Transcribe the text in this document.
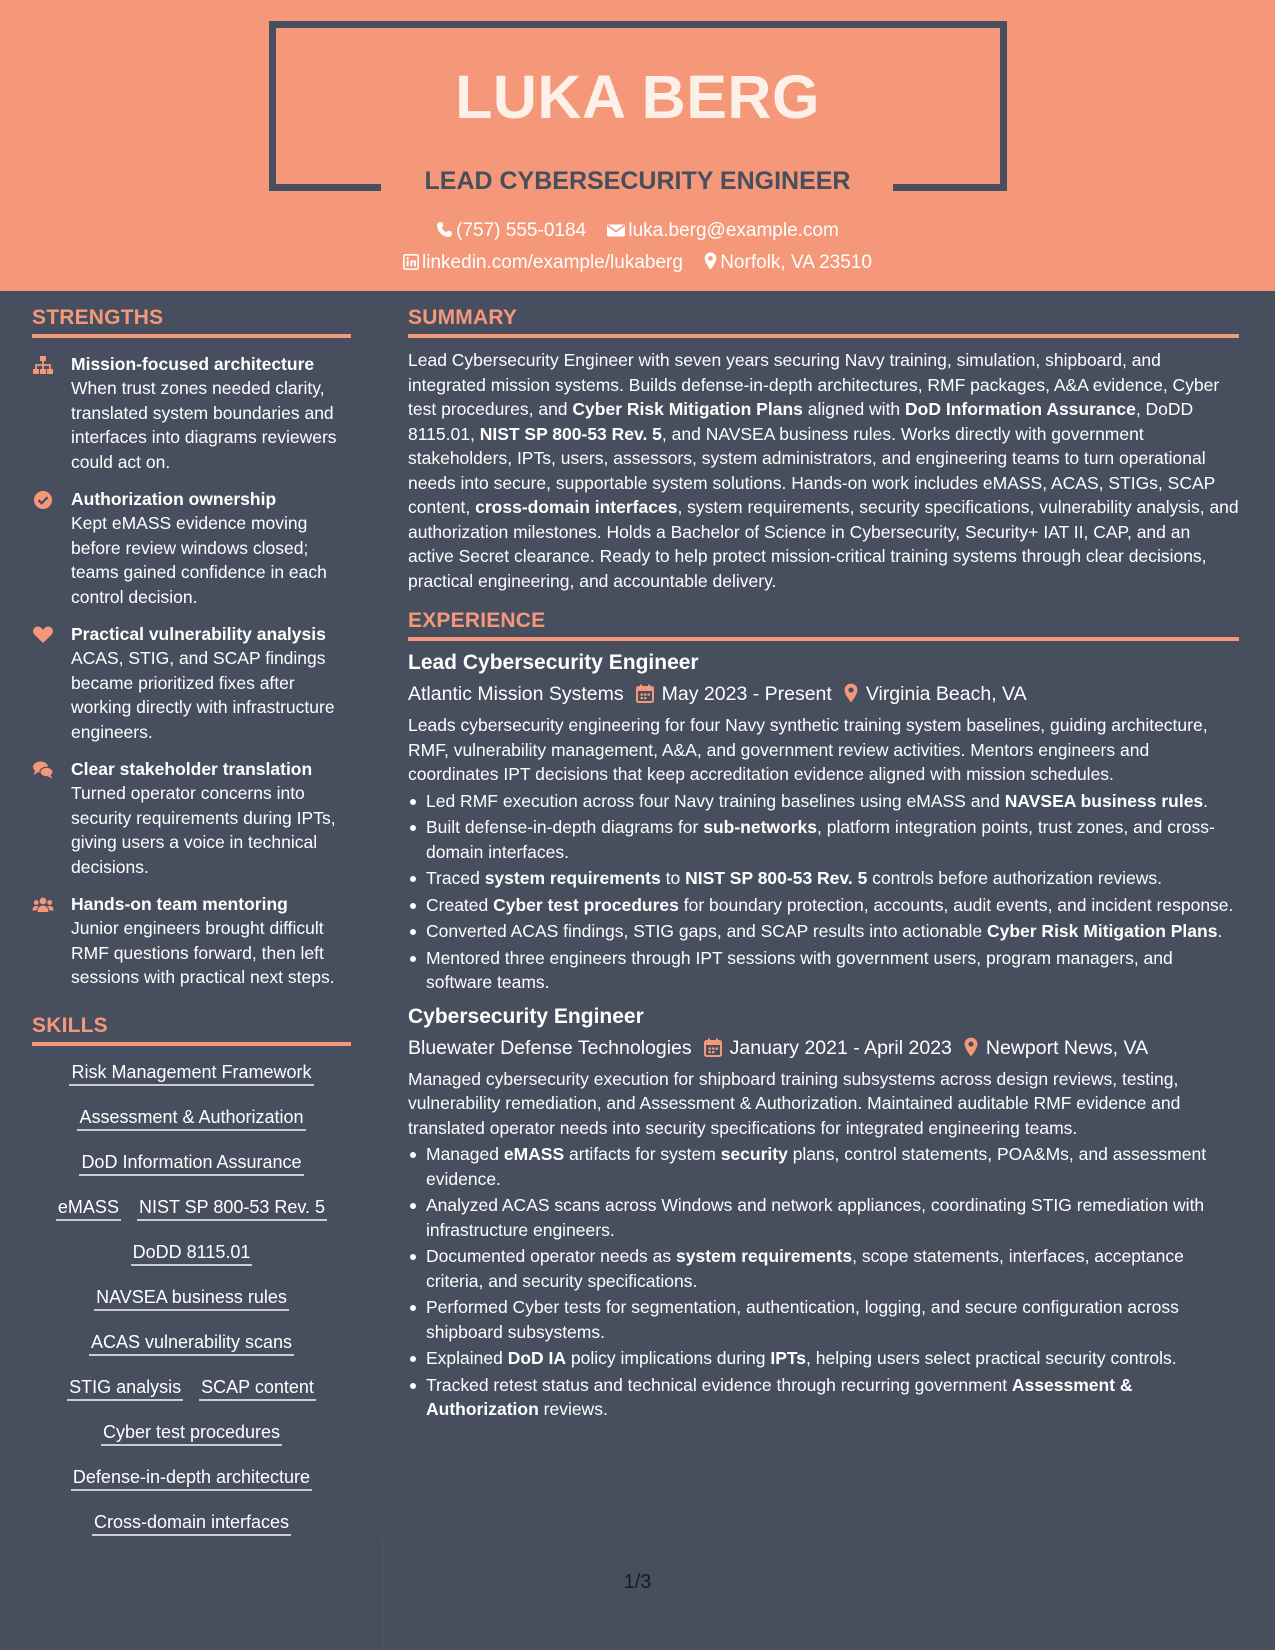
LUKA BERG
LEAD CYBERSECURITY ENGINEER
(757) 555-0184 luka.berg@example.com
linkedin.com/example/lukaberg Norfolk, VA 23510
STRENGTHS
Mission-focused architecture
When trust zones needed clarity, translated system boundaries and interfaces into diagrams reviewers could act on.
Authorization ownership
Kept eMASS evidence moving before review windows closed; teams gained confidence in each control decision.
Practical vulnerability analysis
ACAS, STIG, and SCAP findings became prioritized fixes after working directly with infrastructure engineers.
Clear stakeholder translation
Turned operator concerns into security requirements during IPTs, giving users a voice in technical decisions.
Hands-on team mentoring
Junior engineers brought difficult RMF questions forward, then left sessions with practical next steps.
SKILLS
Risk Management Framework
Assessment & Authorization
DoD Information Assurance
eMASS NIST SP 800-53 Rev. 5
DoDD 8115.01
NAVSEA business rules
ACAS vulnerability scans
STIG analysis SCAP content
Cyber test procedures
Defense-in-depth architecture
Cross-domain interfaces
SUMMARY
Lead Cybersecurity Engineer with seven years securing Navy training, simulation, shipboard, and integrated mission systems. Builds defense-in-depth architectures, RMF packages, A&A evidence, Cyber test procedures, and Cyber Risk Mitigation Plans aligned with DoD Information Assurance, DoDD 8115.01, NIST SP 800-53 Rev. 5, and NAVSEA business rules. Works directly with government stakeholders, IPTs, users, assessors, system administrators, and engineering teams to turn operational needs into secure, supportable system solutions. Hands-on work includes eMASS, ACAS, STIGs, SCAP content, cross-domain interfaces, system requirements, security specifications, vulnerability analysis, and authorization milestones. Holds a Bachelor of Science in Cybersecurity, Security+ IAT II, CAP, and an active Secret clearance. Ready to help protect mission-critical training systems through clear decisions, practical engineering, and accountable delivery.
EXPERIENCE
Lead Cybersecurity Engineer
Atlantic Mission Systems May 2023 - Present Virginia Beach, VA
Leads cybersecurity engineering for four Navy synthetic training system baselines, guiding architecture, RMF, vulnerability management, A&A, and government review activities. Mentors engineers and coordinates IPT decisions that keep accreditation evidence aligned with mission schedules.
Led RMF execution across four Navy training baselines using eMASS and NAVSEA business rules.
Built defense-in-depth diagrams for sub-networks, platform integration points, trust zones, and cross-domain interfaces.
Traced system requirements to NIST SP 800-53 Rev. 5 controls before authorization reviews.
Created Cyber test procedures for boundary protection, accounts, audit events, and incident response.
Converted ACAS findings, STIG gaps, and SCAP results into actionable Cyber Risk Mitigation Plans.
Mentored three engineers through IPT sessions with government users, program managers, and software teams.
Cybersecurity Engineer
Bluewater Defense Technologies January 2021 - April 2023 Newport News, VA
Managed cybersecurity execution for shipboard training subsystems across design reviews, testing, vulnerability remediation, and Assessment & Authorization. Maintained auditable RMF evidence and translated operator needs into security specifications for integrated engineering teams.
Managed eMASS artifacts for system security plans, control statements, POA&Ms, and assessment evidence.
Analyzed ACAS scans across Windows and network appliances, coordinating STIG remediation with infrastructure engineers.
Documented operator needs as system requirements, scope statements, interfaces, acceptance criteria, and security specifications.
Performed Cyber tests for segmentation, authentication, logging, and secure configuration across shipboard subsystems.
Explained DoD IA policy implications during IPTs, helping users select practical security controls.
Tracked retest status and technical evidence through recurring government Assessment & Authorization reviews.
1/3
